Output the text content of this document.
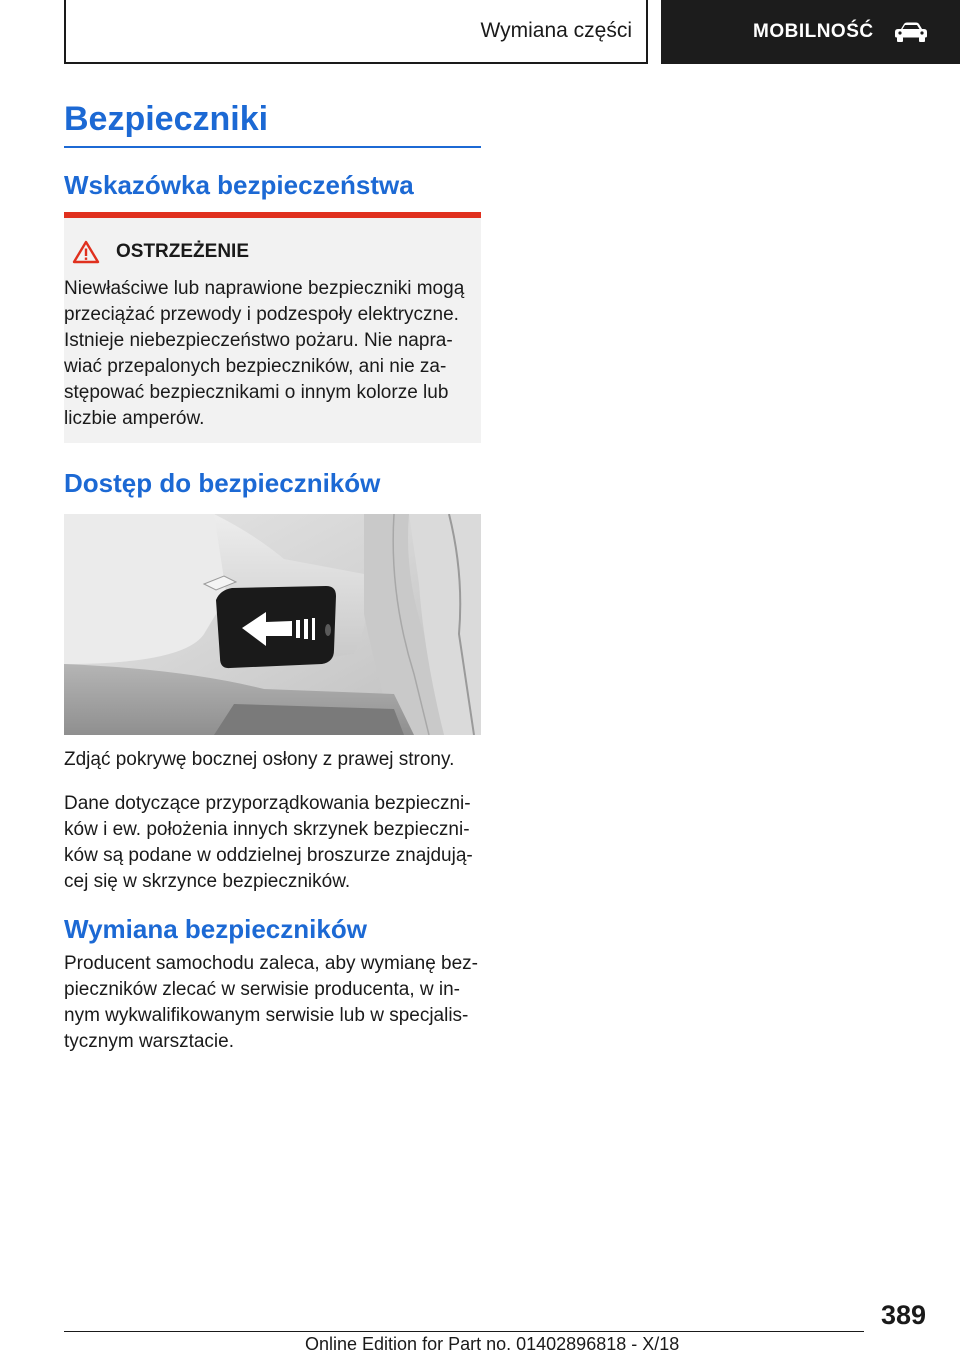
Wymiana części	MOBILNOŚĆ
Bezpieczniki
Wskazówka bezpieczeństwa
OSTRZEŻENIE
Niewłaściwe lub naprawione bezpieczniki mogą
przeciążać przewody i podzespoły elektryczne.
Istnieje niebezpieczeństwo pożaru. Nie napra-
wiać przepalonych bezpieczników, ani nie za-
stępować bezpiecznikami o innym kolorze lub
liczbie amperów.
Dostęp do bezpieczników

Zdjąć pokrywę bocznej osłony z prawej strony.

Dane dotyczące przyporządkowania bezpieczni-
ków i ew. położenia innych skrzynek bezpieczni-
ków są podane w oddzielnej broszurze znajdują-
cej się w skrzynce bezpieczników.
Wymiana bezpieczników
Producent samochodu zaleca, aby wymianę bez-
pieczników zlecać w serwisie producenta, w in-
nym wykwalifikowanym serwisie lub w specjalis-
tycznym warsztacie.
389
Online Edition for Part no. 01402896818 - X/18
